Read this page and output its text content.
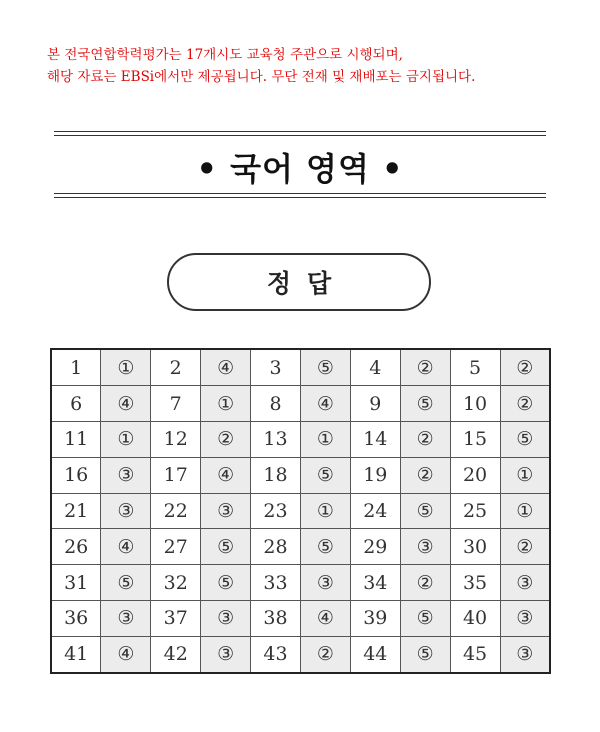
본 전국연합학력평가는 17개시도 교육청 주관으로 시행되며,
해당 자료는 EBSi에서만 제공됩니다. 무단 전재 및 재배포는 금지됩니다.
• 국어 영역 •
정답
1	①	2	④	3	⑤	4	②	5	②
6	④	7	①	8	④	9	⑤	10	②
11	①	12	②	13	①	14	②	15	⑤
16	③	17	④	18	⑤	19	②	20	①
21	③	22	③	23	①	24	⑤	25	①
26	④	27	⑤	28	⑤	29	③	30	②
31	⑤	32	⑤	33	③	34	②	35	③
36	③	37	③	38	④	39	⑤	40	③
41	④	42	③	43	②	44	⑤	45	③
